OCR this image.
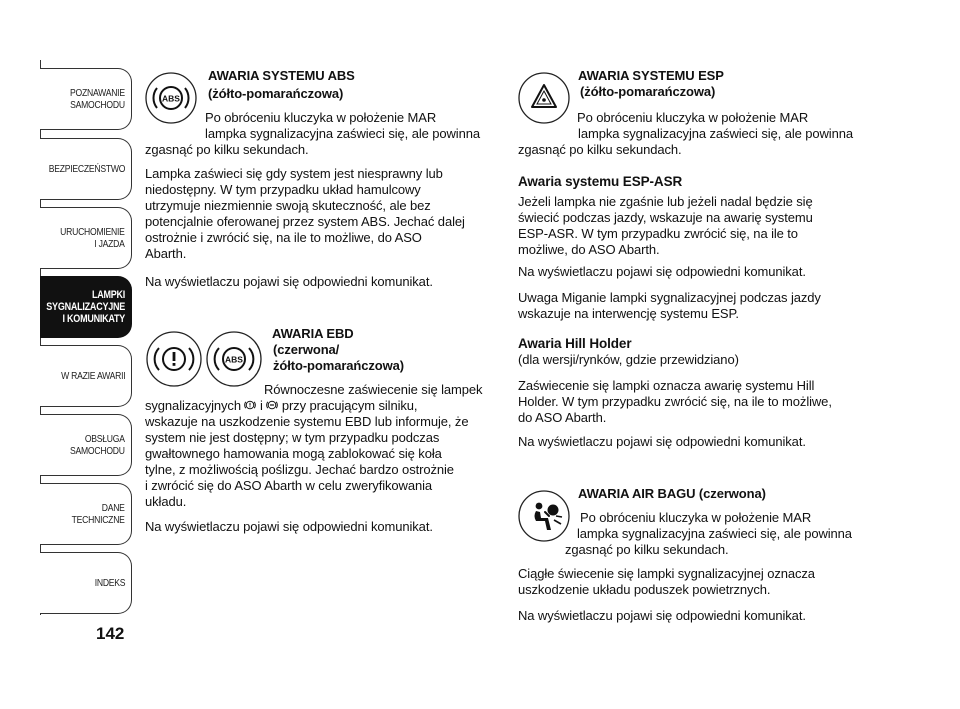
POZNAWANIE
SAMOCHODU
BEZPIECZEŃSTWO
URUCHOMIENIE
I JAZDA
LAMPKI
SYGNALIZACYJNE
I KOMUNIKATY
W RAZIE AWARII
OBSŁUGA
SAMOCHODU
DANE
TECHNICZNE
INDEKS
142
ABS
AWARIA SYSTEMU ABS
(żółto-pomarańczowa)
Po obróceniu kluczyka w położenie MAR
lampka sygnalizacyjna zaświeci się, ale powinna
zgasnąć po kilku sekundach.
Lampka zaświeci się gdy system jest niesprawny lub
niedostępny. W tym przypadku układ hamulcowy
utrzymuje niezmiennie swoją skuteczność, ale bez
potencjalnie oferowanej przez system ABS. Jechać dalej
ostrożnie i zwrócić się, na ile to możliwe, do ASO
Abarth.
Na wyświetlaczu pojawi się odpowiedni komunikat.
ABS
AWARIA EBD
(czerwona/
żółto-pomarańczowa)
Równoczesne zaświecenie się lampek
sygnalizacyjnych i przy pracującym silniku,
wskazuje na uszkodzenie systemu EBD lub informuje, że
system nie jest dostępny; w tym przypadku podczas
gwałtownego hamowania mogą zablokować się koła
tylne, z możliwością poślizgu. Jechać bardzo ostrożnie
i zwrócić się do ASO Abarth w celu zweryfikowania
układu.
Na wyświetlaczu pojawi się odpowiedni komunikat.
AWARIA SYSTEMU ESP
(żółto-pomarańczowa)
Po obróceniu kluczyka w położenie MAR
lampka sygnalizacyjna zaświeci się, ale powinna
zgasnąć po kilku sekundach.
Awaria systemu ESP-ASR
Jeżeli lampka nie zgaśnie lub jeżeli nadal będzie się
świecić podczas jazdy, wskazuje na awarię systemu
ESP-ASR. W tym przypadku zwrócić się, na ile to
możliwe, do ASO Abarth.
Na wyświetlaczu pojawi się odpowiedni komunikat.
Uwaga Miganie lampki sygnalizacyjnej podczas jazdy
wskazuje na interwencję systemu ESP.
Awaria Hill Holder
(dla wersji/rynków, gdzie przewidziano)
Zaświecenie się lampki oznacza awarię systemu Hill
Holder. W tym przypadku zwrócić się, na ile to możliwe,
do ASO Abarth.
Na wyświetlaczu pojawi się odpowiedni komunikat.
AWARIA AIR BAGU (czerwona)
Po obróceniu kluczyka w położenie MAR
lampka sygnalizacyjna zaświeci się, ale powinna
zgasnąć po kilku sekundach.
Ciągłe świecenie się lampki sygnalizacyjnej oznacza
uszkodzenie układu poduszek powietrznych.
Na wyświetlaczu pojawi się odpowiedni komunikat.
